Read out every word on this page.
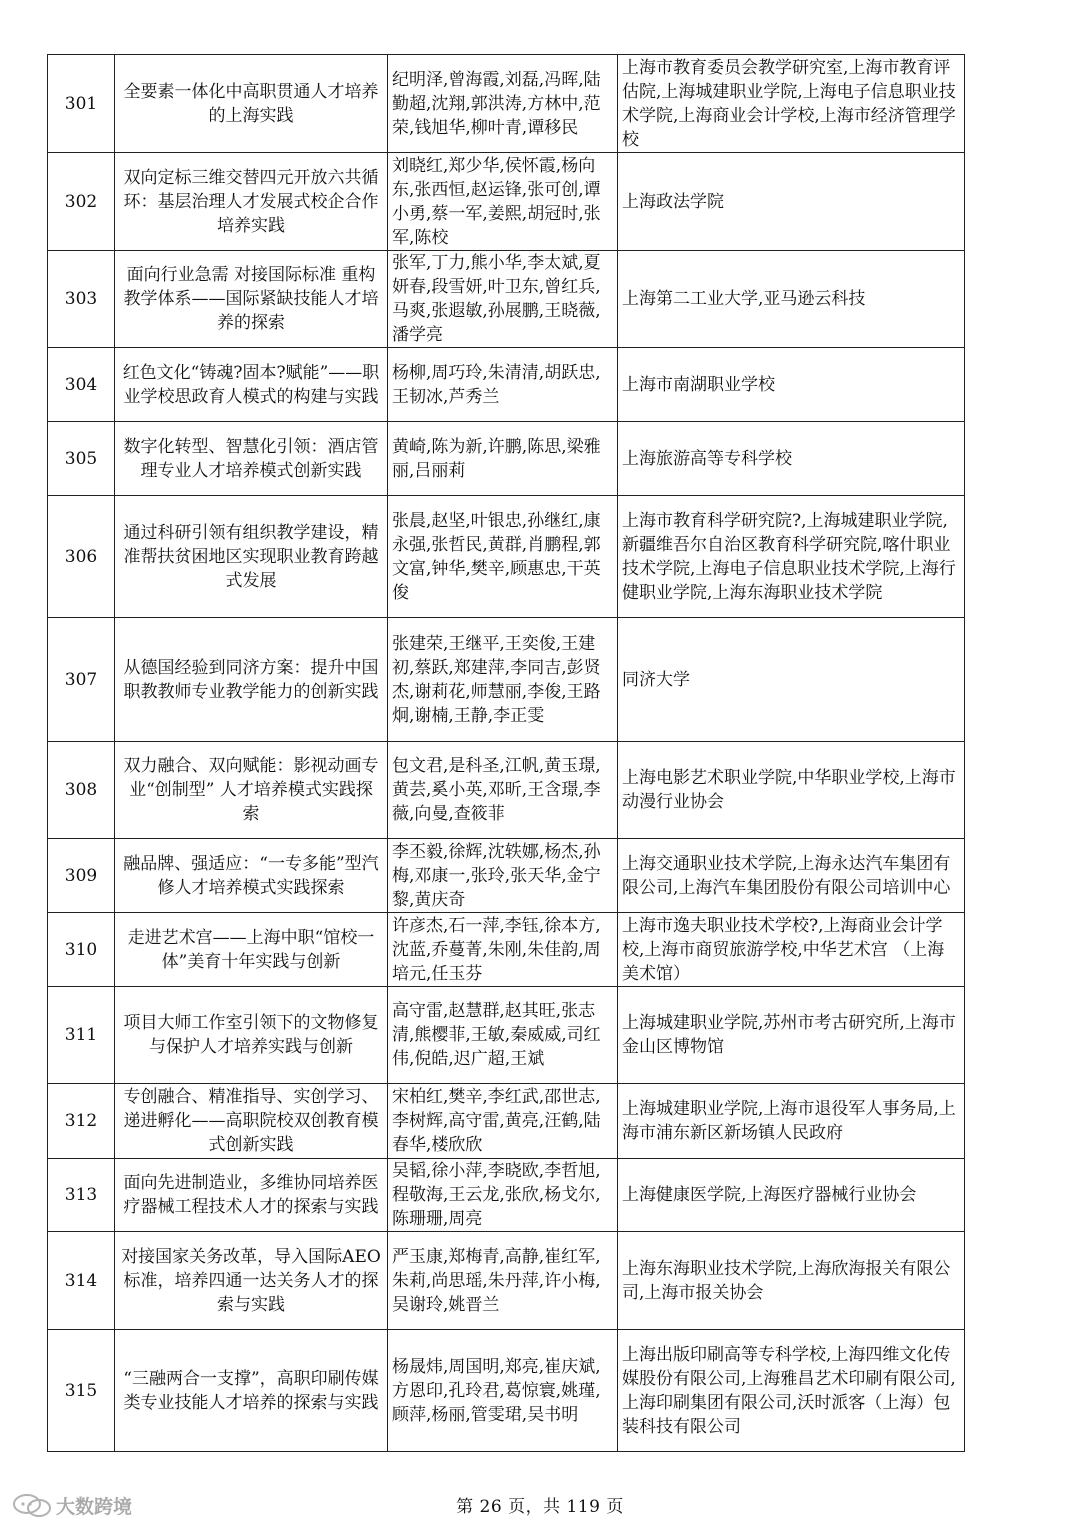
301	全要素一体化中高职贯通人才培养的上海实践	纪明泽,曾海霞,刘磊,冯晖,陆勤超,沈翔,郭洪涛,方林中,范荣,钱旭华,柳叶青,谭移民	上海市教育委员会教学研究室,上海市教育评估院,上海城建职业学院,上海电子信息职业技术学院,上海商业会计学校,上海市经济管理学校
302	双向定标三维交替四元开放六共循环：基层治理人才发展式校企合作培养实践	刘晓红,郑少华,侯怀霞,杨向东,张西恒,赵运锋,张可创,谭小勇,蔡一军,姜熙,胡冠时,张军,陈校	上海政法学院
303	面向行业急需 对接国际标准 重构教学体系——国际紧缺技能人才培养的探索	张军,丁力,熊小华,李太斌,夏妍春,段雪妍,叶卫东,曾红兵,马爽,张遐敏,孙展鹏,王晓薇,潘学亮	上海第二工业大学,亚马逊云科技
304	红色文化“铸魂?固本?赋能”——职业学校思政育人模式的构建与实践	杨柳,周巧玲,朱清清,胡跃忠,王韧冰,芦秀兰	上海市南湖职业学校
305	数字化转型、智慧化引领：酒店管理专业人才培养模式创新实践	黄崎,陈为新,许鹏,陈思,梁雅丽,吕丽莉	上海旅游高等专科学校
306	通过科研引领有组织教学建设，精准帮扶贫困地区实现职业教育跨越式发展	张晨,赵坚,叶银忠,孙继红,康永强,张哲民,黄群,肖鹏程,郭文富,钟华,樊辛,顾惠忠,干英俊	上海市教育科学研究院?,上海城建职业学院,新疆维吾尔自治区教育科学研究院,喀什职业技术学院,上海电子信息职业技术学院,上海行健职业学院,上海东海职业技术学院
307	从德国经验到同济方案：提升中国职教教师专业教学能力的创新实践	张建荣,王继平,王奕俊,王建初,蔡跃,郑建萍,李同吉,彭贤杰,谢莉花,师慧丽,李俊,王路炯,谢楠,王静,李正雯	同济大学
308	双力融合、双向赋能：影视动画专业“创制型” 人才培养模式实践探索	包文君,是科圣,江帆,黄玉璟,黄芸,奚小英,邓昕,王含璟,李薇,向曼,查筱菲	上海电影艺术职业学院,中华职业学校,上海市动漫行业协会
309	融品牌、强适应：“一专多能”型汽修人才培养模式实践探索	李丕毅,徐辉,沈轶娜,杨杰,孙梅,邓康一,张玲,张天华,金宁黎,黄庆奇	上海交通职业技术学院,上海永达汽车集团有限公司,上海汽车集团股份有限公司培训中心
310	走进艺术宫——上海中职“馆校一体”美育十年实践与创新	许彦杰,石一萍,李钰,徐本方,沈蓝,乔蔓菁,朱刚,朱佳韵,周培元,任玉芬	上海市逸夫职业技术学校?,上海商业会计学校,上海市商贸旅游学校,中华艺术宫 （上海美术馆）
311	项目大师工作室引领下的文物修复与保护人才培养实践与创新	高守雷,赵慧群,赵其旺,张志清,熊樱菲,王敏,秦威威,司红伟,倪皓,迟广超,王斌	上海城建职业学院,苏州市考古研究所,上海市金山区博物馆
312	专创融合、精准指导、实创学习、递进孵化——高职院校双创教育模式创新实践	宋柏红,樊辛,李红武,邵世志,李树辉,高守雷,黄亮,汪鹤,陆春华,楼欣欣	上海城建职业学院,上海市退役军人事务局,上海市浦东新区新场镇人民政府
313	面向先进制造业，多维协同培养医疗器械工程技术人才的探索与实践	吴韬,徐小萍,李晓欧,李哲旭,程敬海,王云龙,张欣,杨戈尔,陈珊珊,周亮	上海健康医学院,上海医疗器械行业协会
314	对接国家关务改革，导入国际AEO标准，培养四通一达关务人才的探索与实践	严玉康,郑梅青,高静,崔红军,朱莉,尚思瑶,朱丹萍,许小梅,吴谢玲,姚晋兰	上海东海职业技术学院,上海欣海报关有限公司,上海市报关协会
315	“三融两合一支撑”，高职印刷传媒类专业技能人才培养的探索与实践	杨晟炜,周国明,郑亮,崔庆斌,方恩印,孔玲君,葛惊寰,姚瑾,顾萍,杨丽,管雯珺,吴书明	上海出版印刷高等专科学校,上海四维文化传媒股份有限公司,上海雅昌艺术印刷有限公司,上海印刷集团有限公司,沃时派客（上海）包装科技有限公司
大数跨境	第 26 页，共 119 页
